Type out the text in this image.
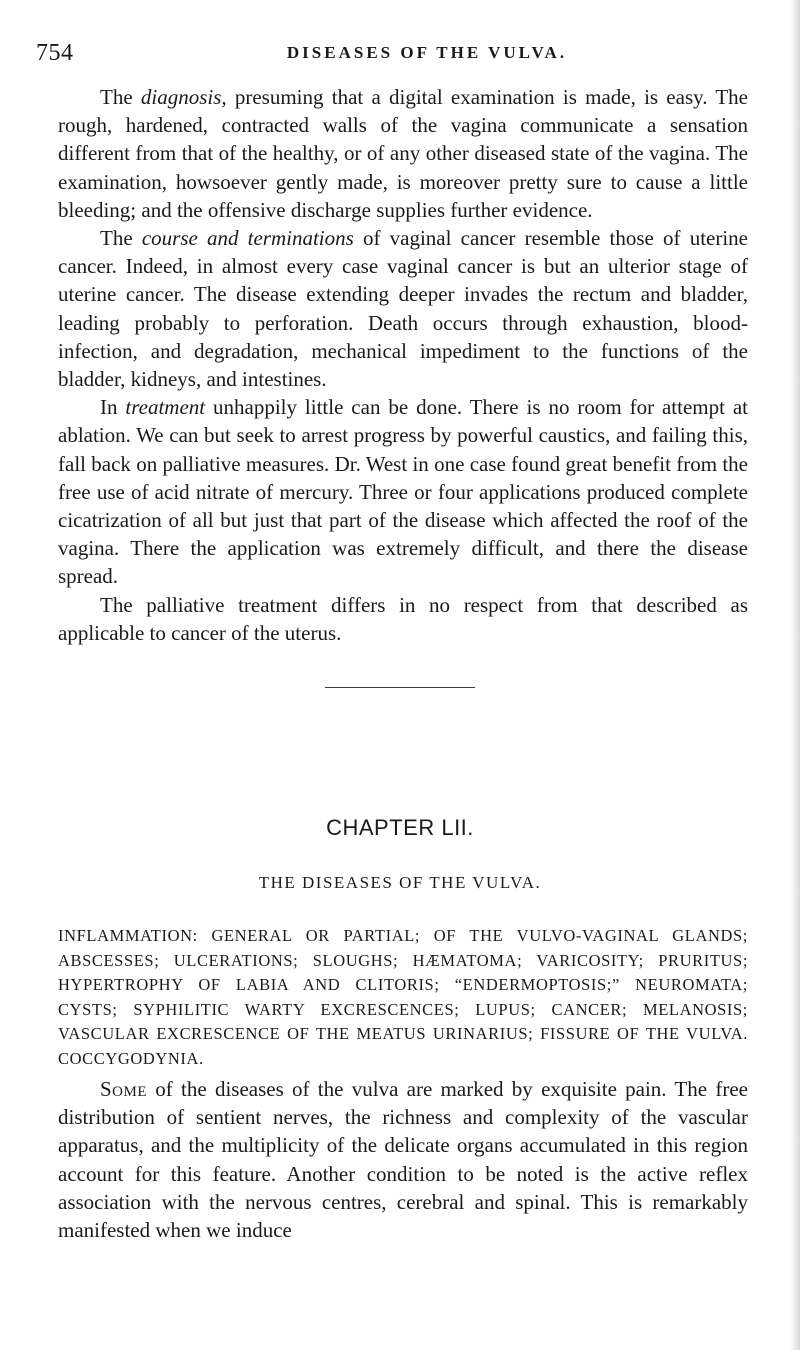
754	DISEASES OF THE VULVA.

The diagnosis, presuming that a digital examination is made, is easy. The rough, hardened, contracted walls of the vagina communicate a sensation different from that of the healthy, or of any other diseased state of the vagina. The examination, howsoever gently made, is moreover pretty sure to cause a little bleeding; and the offensive discharge supplies further evidence.

The course and terminations of vaginal cancer resemble those of uterine cancer. Indeed, in almost every case vaginal cancer is but an ulterior stage of uterine cancer. The disease extending deeper invades the rectum and bladder, leading probably to perforation. Death occurs through exhaustion, blood-infection, and degradation, mechanical impediment to the functions of the bladder, kidneys, and intestines.

In treatment unhappily little can be done. There is no room for attempt at ablation. We can but seek to arrest progress by powerful caustics, and failing this, fall back on palliative measures. Dr. West in one case found great benefit from the free use of acid nitrate of mercury. Three or four applications produced complete cicatrization of all but just that part of the disease which affected the roof of the vagina. There the application was extremely difficult, and there the disease spread.

The palliative treatment differs in no respect from that described as applicable to cancer of the uterus.

CHAPTER LII.
THE DISEASES OF THE VULVA.

INFLAMMATION: GENERAL OR PARTIAL; OF THE VULVO-VAGINAL GLANDS; ABSCESSES; ULCERATIONS; SLOUGHS; HÆMATOMA; VARICOSITY; PRURITUS; HYPERTROPHY OF LABIA AND CLITORIS; “ENDERMOPTOSIS;” NEUROMATA; CYSTS; SYPHILITIC WARTY EXCRESCENCES; LUPUS; CANCER; MELANOSIS; VASCULAR EXCRESCENCE OF THE MEATUS URINARIUS; FISSURE OF THE VULVA. COCCYGODYNIA.

Some of the diseases of the vulva are marked by exquisite pain. The free distribution of sentient nerves, the richness and complexity of the vascular apparatus, and the multiplicity of the delicate organs accumulated in this region account for this feature. Another condition to be noted is the active reflex association with the nervous centres, cerebral and spinal. This is remarkably manifested when we induce
